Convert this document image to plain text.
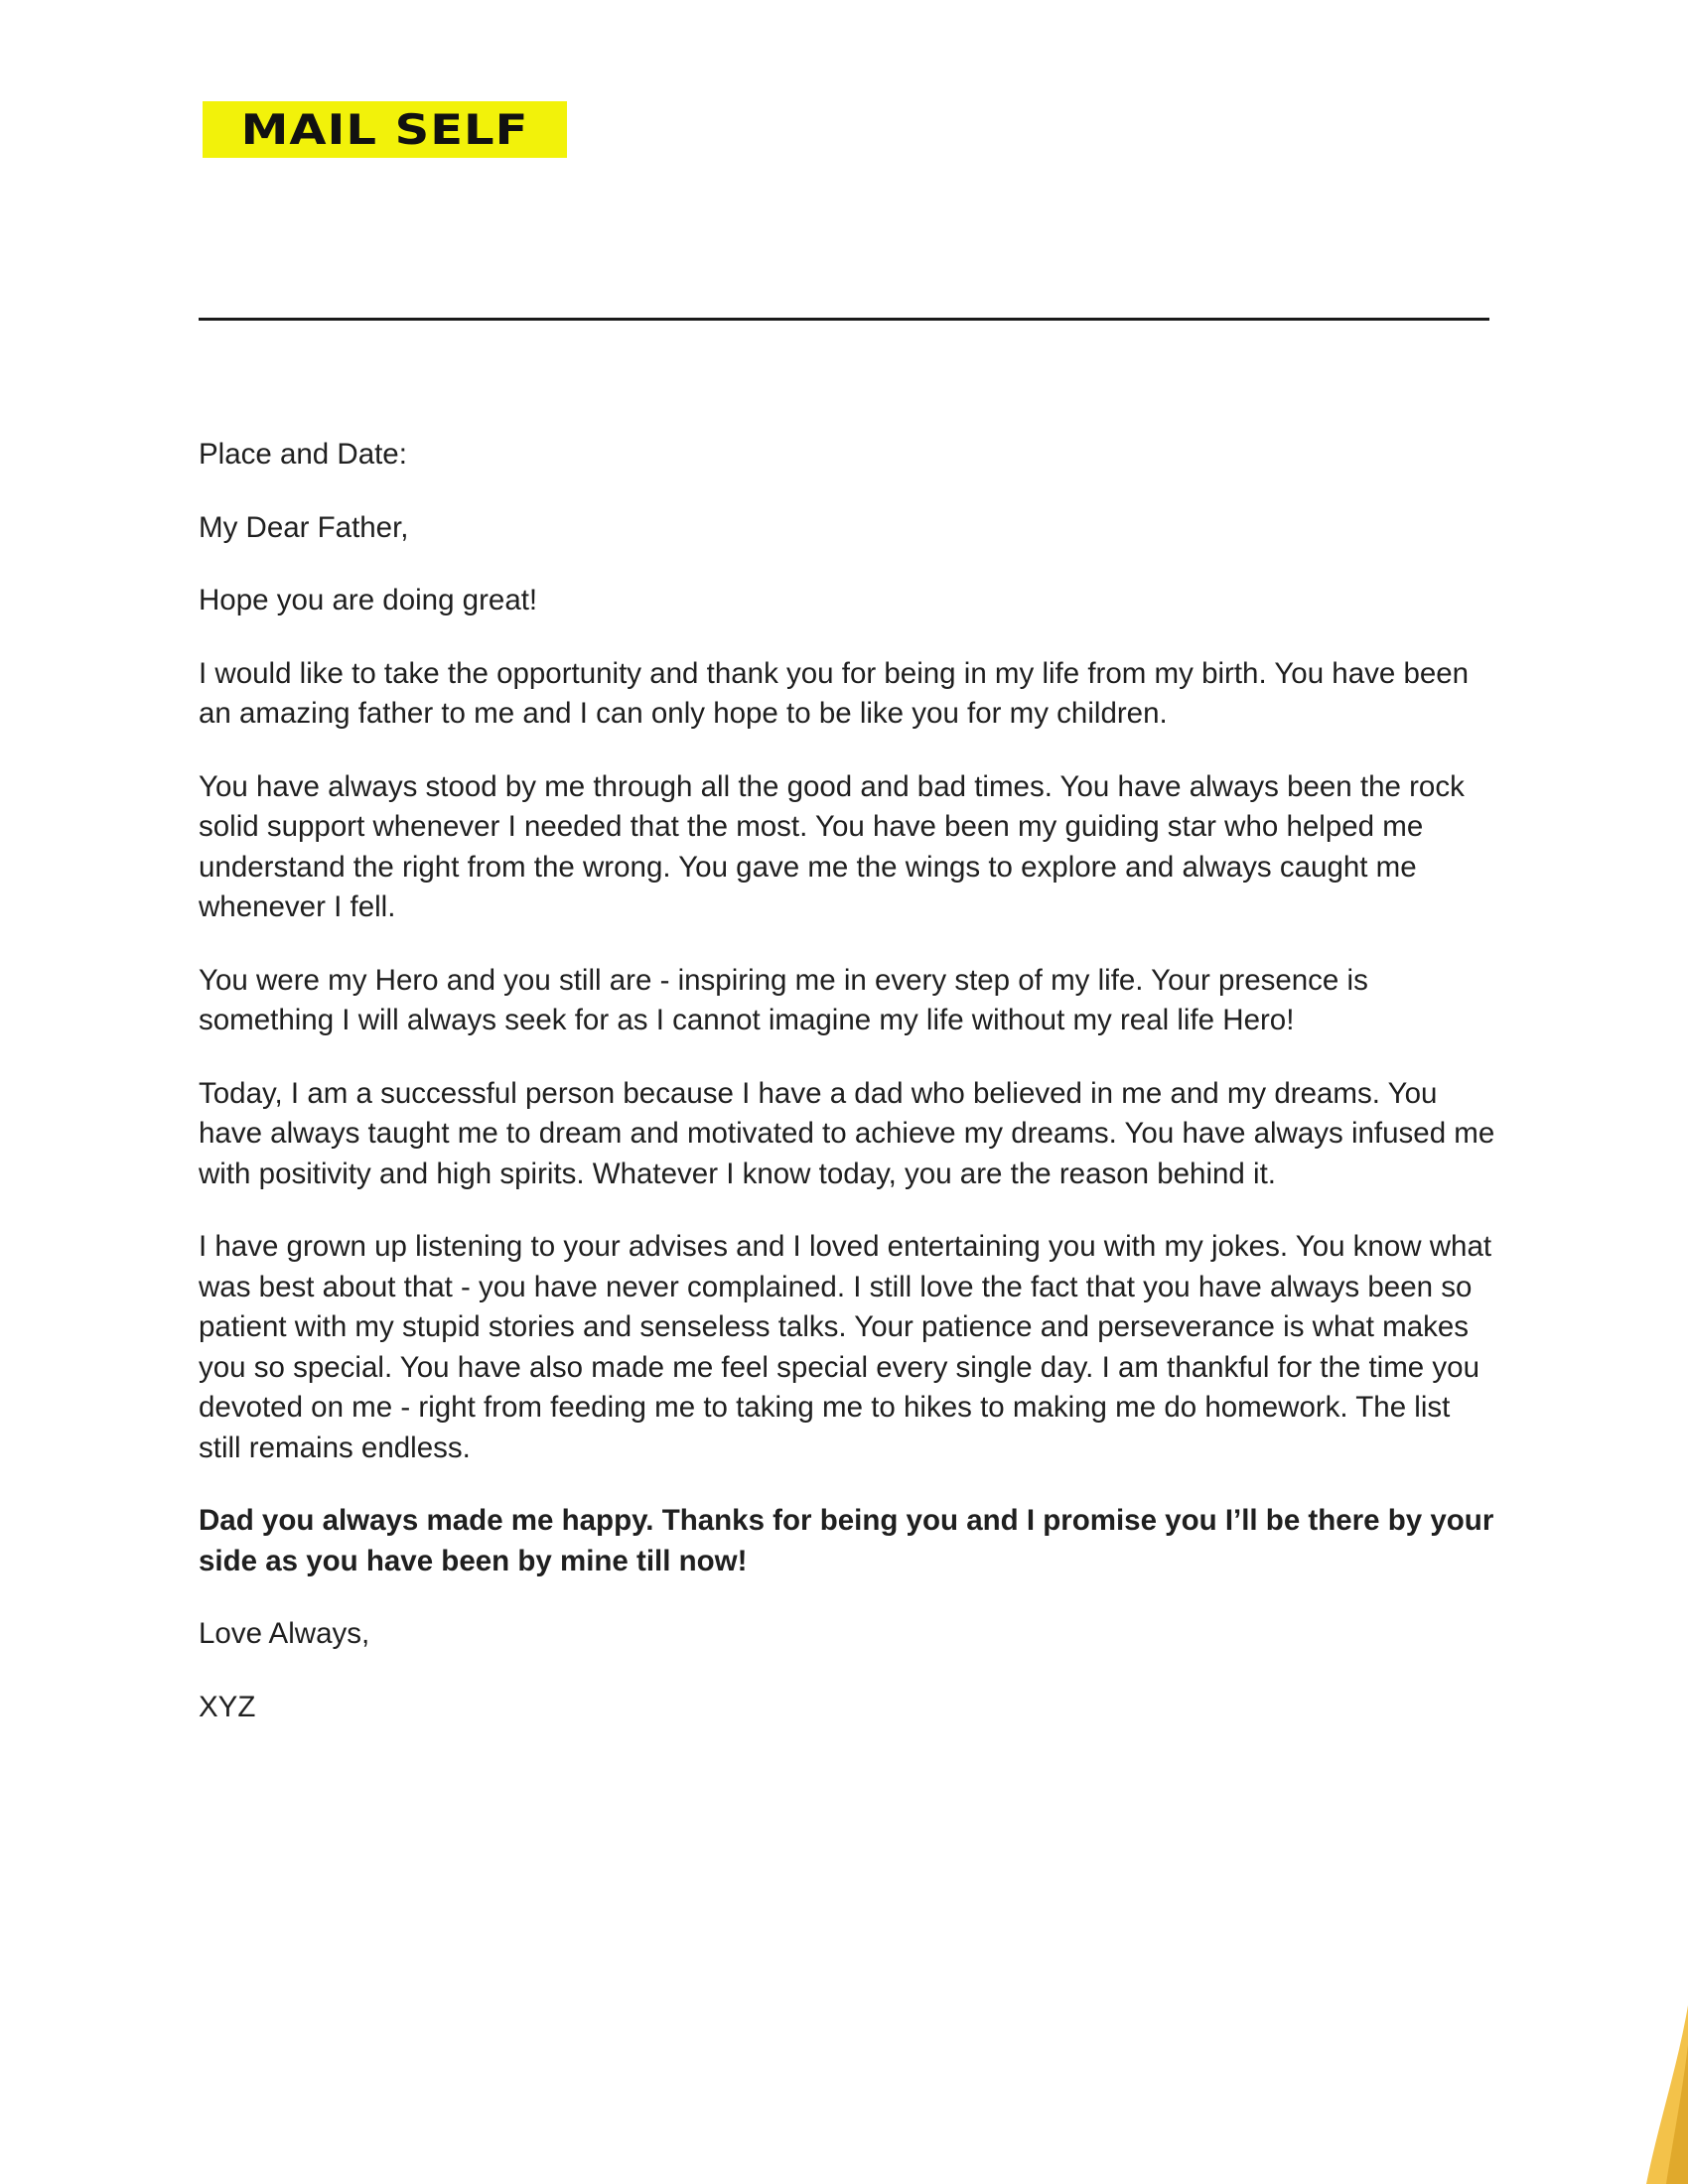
MAIL SELF
to

Place and Date:

My Dear Father,

Hope you are doing great!

I would like to take the opportunity and thank you for being in my life from my birth. You have been an amazing father to me and I can only hope to be like you for my children.

You have always stood by me through all the good and bad times. You have always been the rock solid support whenever I needed that the most. You have been my guiding star who helped me understand the right from the wrong. You gave me the wings to explore and always caught me whenever I fell.

You were my Hero and you still are - inspiring me in every step of my life. Your presence is something I will always seek for as I cannot imagine my life without my real life Hero!

Today, I am a successful person because I have a dad who believed in me and my dreams. You have always taught me to dream and motivated to achieve my dreams. You have always infused me with positivity and high spirits. Whatever I know today, you are the reason behind it.

I have grown up listening to your advises and I loved entertaining you with my jokes. You know what was best about that - you have never complained. I still love the fact that you have always been so patient with my stupid stories and senseless talks. Your patience and perseverance is what makes you so special. You have also made me feel special every single day. I am thankful for the time you devoted on me - right from feeding me to taking me to hikes to making me do homework. The list still remains endless.

Dad you always made me happy. Thanks for being you and I promise you I’ll be there by your side as you have been by mine till now!

Love Always,

XYZ
